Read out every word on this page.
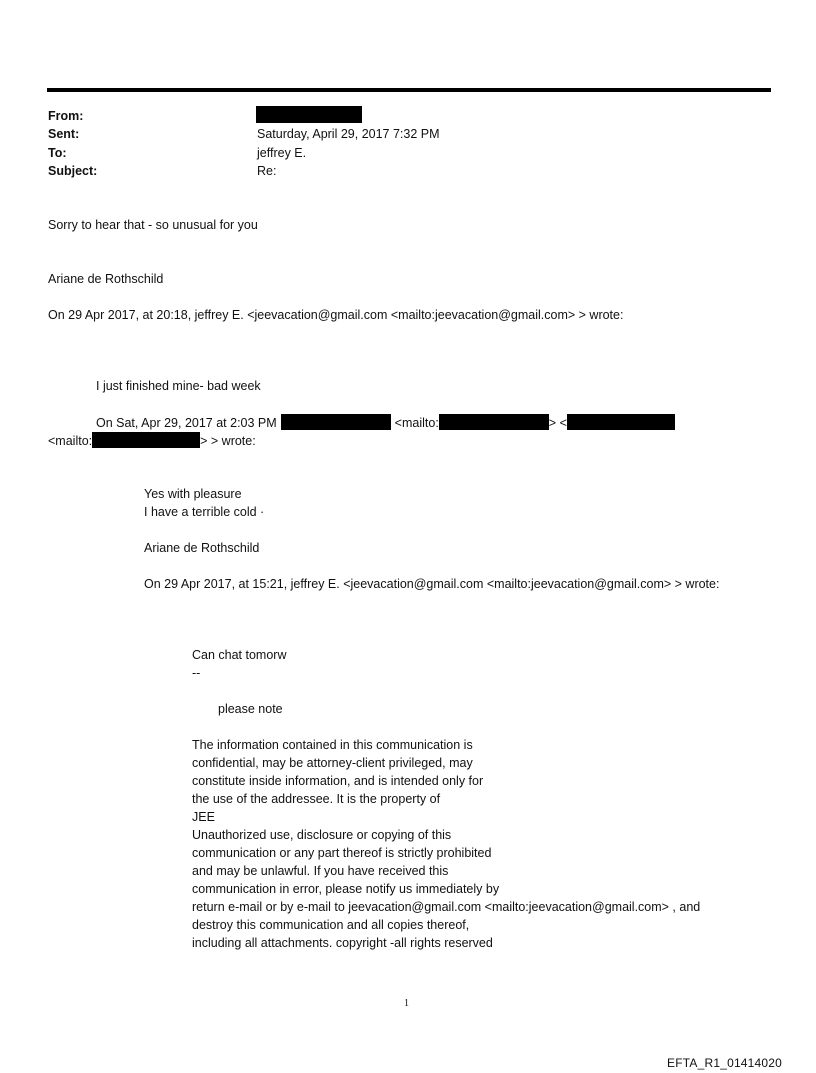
From:
Sent:	Saturday, April 29, 2017 7:32 PM
To:	jeffrey E.
Subject:	Re:
Sorry to hear that - so unusual for you
Ariane de Rothschild
On 29 Apr 2017, at 20:18, jeffrey E. <jeevacation@gmail.com <mailto:jeevacation@gmail.com> > wrote:
I just finished mine- bad week
On Sat, Apr 29, 2017 at 2:03 PM	<mailto:	> <
<mailto:	> > wrote:
Yes with pleasure
I have a terrible cold ·
Ariane de Rothschild
On 29 Apr 2017, at 15:21, jeffrey E. <jeevacation@gmail.com <mailto:jeevacation@gmail.com> > wrote:
Can chat tomorw
--
please note
The information contained in this communication is
confidential, may be attorney-client privileged, may
constitute inside information, and is intended only for
the use of the addressee. It is the property of
JEE
Unauthorized use, disclosure or copying of this
communication or any part thereof is strictly prohibited
and may be unlawful. If you have received this
communication in error, please notify us immediately by
return e-mail or by e-mail to jeevacation@gmail.com <mailto:jeevacation@gmail.com> , and
destroy this communication and all copies thereof,
including all attachments. copyright -all rights reserved
1
EFTA_R1_01414020
